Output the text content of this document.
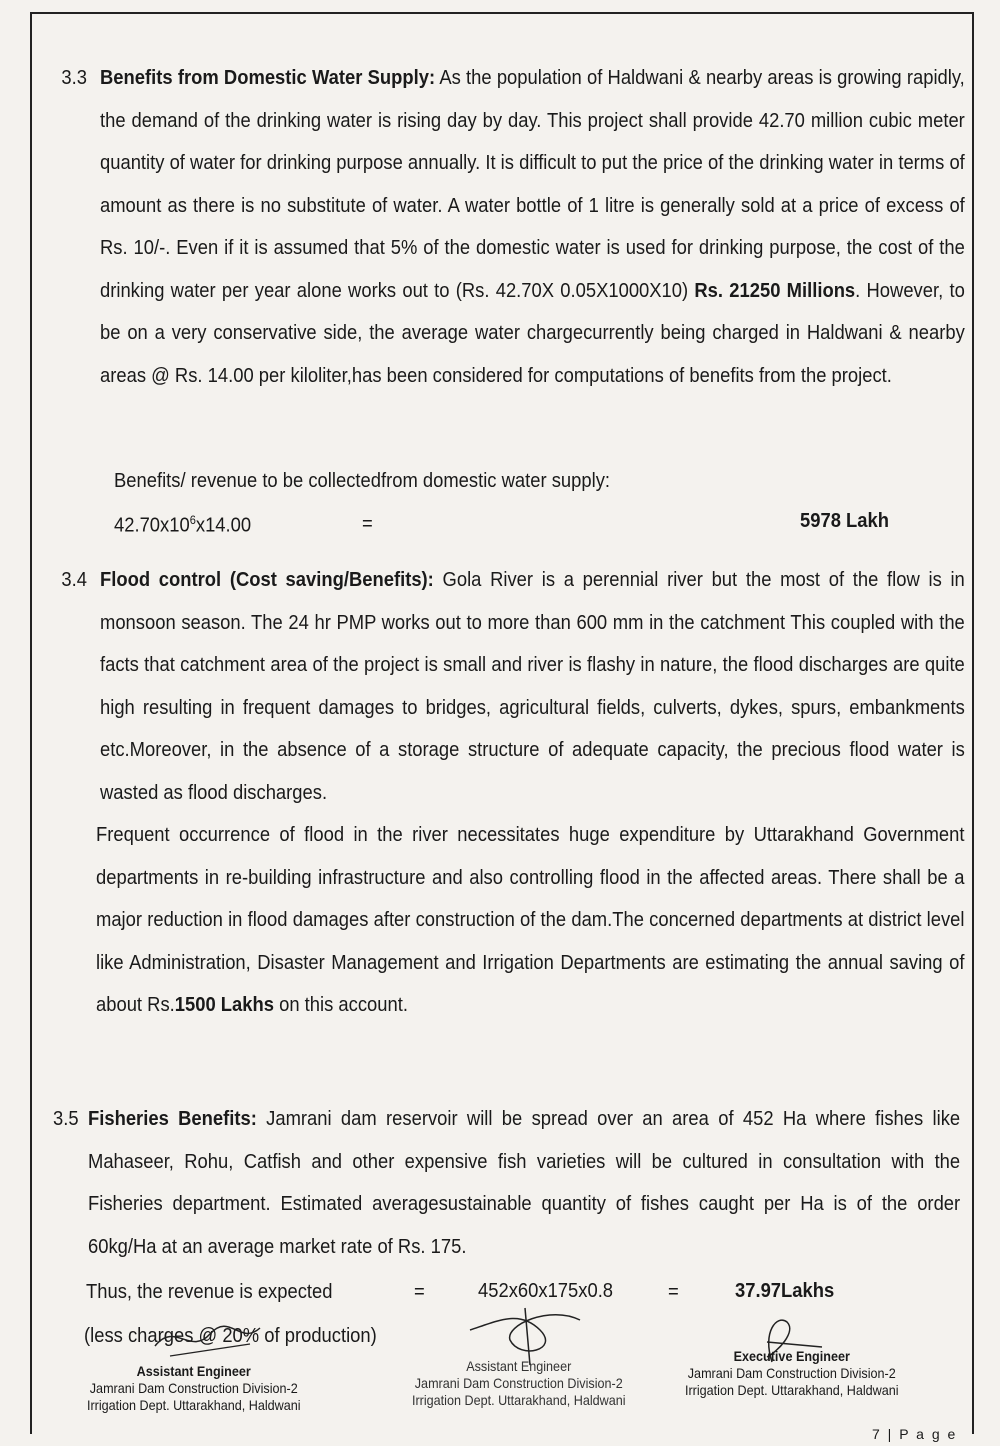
3.3 Benefits from Domestic Water Supply: As the population of Haldwani & nearby areas is growing rapidly, the demand of the drinking water is rising day by day. This project shall provide 42.70 million cubic meter quantity of water for drinking purpose annually. It is difficult to put the price of the drinking water in terms of amount as there is no substitute of water. A water bottle of 1 litre is generally sold at a price of excess of Rs. 10/-. Even if it is assumed that 5% of the domestic water is used for drinking purpose, the cost of the drinking water per year alone works out to (Rs. 42.70X 0.05X1000X10) Rs. 21250 Millions. However, to be on a very conservative side, the average water chargecurrently being charged in Haldwani & nearby areas @ Rs. 14.00 per kiloliter,has been considered for computations of benefits from the project.

Benefits/ revenue to be collectedfrom domestic water supply:
$42.70x10^6x14.00$	=	5978 Lakh
3.4 Flood control (Cost saving/Benefits): Gola River is a perennial river but the most of the flow is in monsoon season. The 24 hr PMP works out to more than 600 mm in the catchment This coupled with the facts that catchment area of the project is small and river is flashy in nature, the flood discharges are quite high resulting in frequent damages to bridges, agricultural fields, culverts, dykes, spurs, embankments etc.Moreover, in the absence of a storage structure of adequate capacity, the precious flood water is wasted as flood discharges.

Frequent occurrence of flood in the river necessitates huge expenditure by Uttarakhand Government departments in re-building infrastructure and also controlling flood in the affected areas. There shall be a major reduction in flood damages after construction of the dam.The concerned departments at district level like Administration, Disaster Management and Irrigation Departments are estimating the annual saving of about Rs.1500 Lakhs on this account.

3.5 Fisheries Benefits: Jamrani dam reservoir will be spread over an area of 452 Ha where fishes like Mahaseer, Rohu, Catfish and other expensive fish varieties will be cultured in consultation with the Fisheries department. Estimated averagesustainable quantity of fishes caught per Ha is of the order 60kg/Ha at an average market rate of Rs. 175.

Thus, the revenue is expected	=	452x60x175x0.8	=	37.97Lakhs
(less charges @ 20% of production)
Assistant Engineer
Jamrani Dam Construction Division-2
Irrigation Dept. Uttarakhand, Haldwani
Assistant Engineer
Jamrani Dam Construction Division-2
Irrigation Dept. Uttarakhand, Haldwani
Executive Engineer
Jamrani Dam Construction Division-2
Irrigation Dept. Uttarakhand, Haldwani
7 | P a g e
